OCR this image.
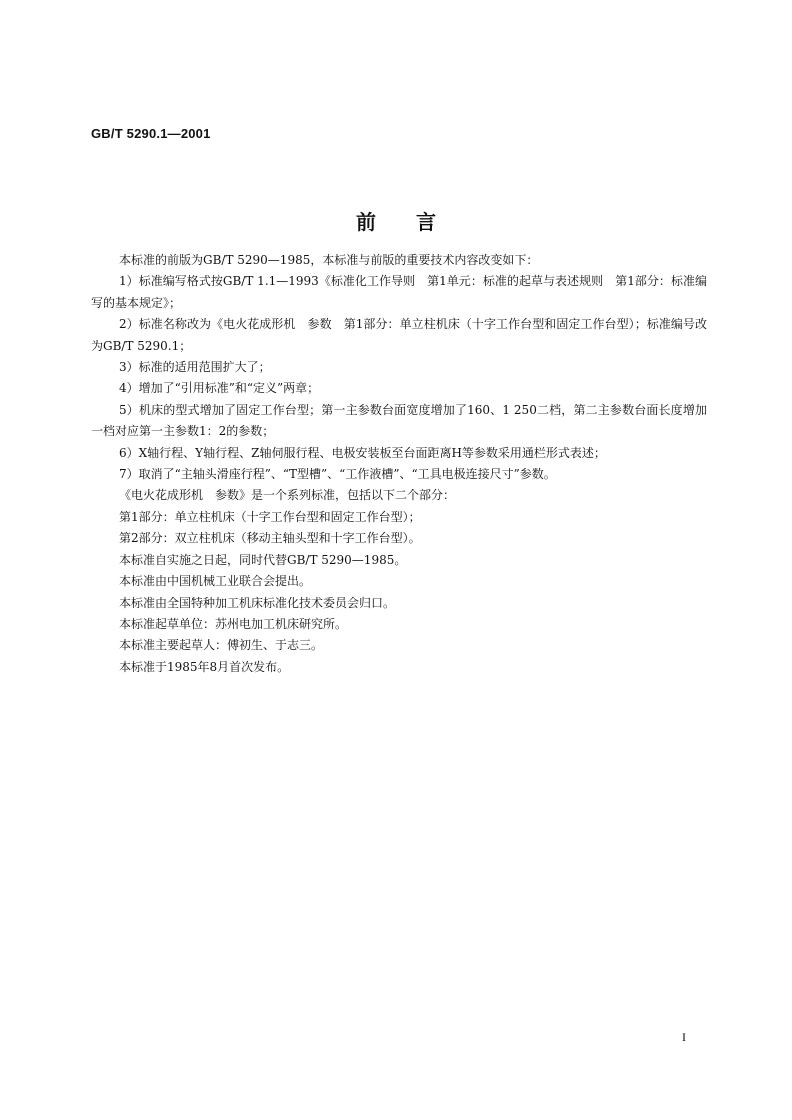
GB/T 5290.1—2001
前言

本标准的前版为GB/T 5290—1985，本标准与前版的重要技术内容改变如下：

1）标准编写格式按GB/T 1.1—1993《标准化工作导则　第1单元：标准的起草与表述规则　第1部分：标准编写的基本规定》；

2）标准名称改为《电火花成形机　参数　第1部分：单立柱机床（十字工作台型和固定工作台型）；标准编号改为GB/T 5290.1；

3）标准的适用范围扩大了；

4）增加了“引用标准”和“定义”两章；

5）机床的型式增加了固定工作台型；第一主参数台面宽度增加了160、1 250二档，第二主参数台面长度增加一档对应第一主参数1：2的参数；

6）X轴行程、Y轴行程、Z轴伺服行程、电极安装板至台面距离H等参数采用通栏形式表述；

7）取消了“主轴头滑座行程”、“T型槽”、“工作液槽”、“工具电极连接尺寸”参数。

《电火花成形机　参数》是一个系列标准，包括以下二个部分：

第1部分：单立柱机床（十字工作台型和固定工作台型）；

第2部分：双立柱机床（移动主轴头型和十字工作台型）。

本标准自实施之日起，同时代替GB/T 5290—1985。

本标准由中国机械工业联合会提出。

本标准由全国特种加工机床标准化技术委员会归口。

本标准起草单位：苏州电加工机床研究所。

本标准主要起草人：傅初生、于志三。

本标准于1985年8月首次发布。

I
